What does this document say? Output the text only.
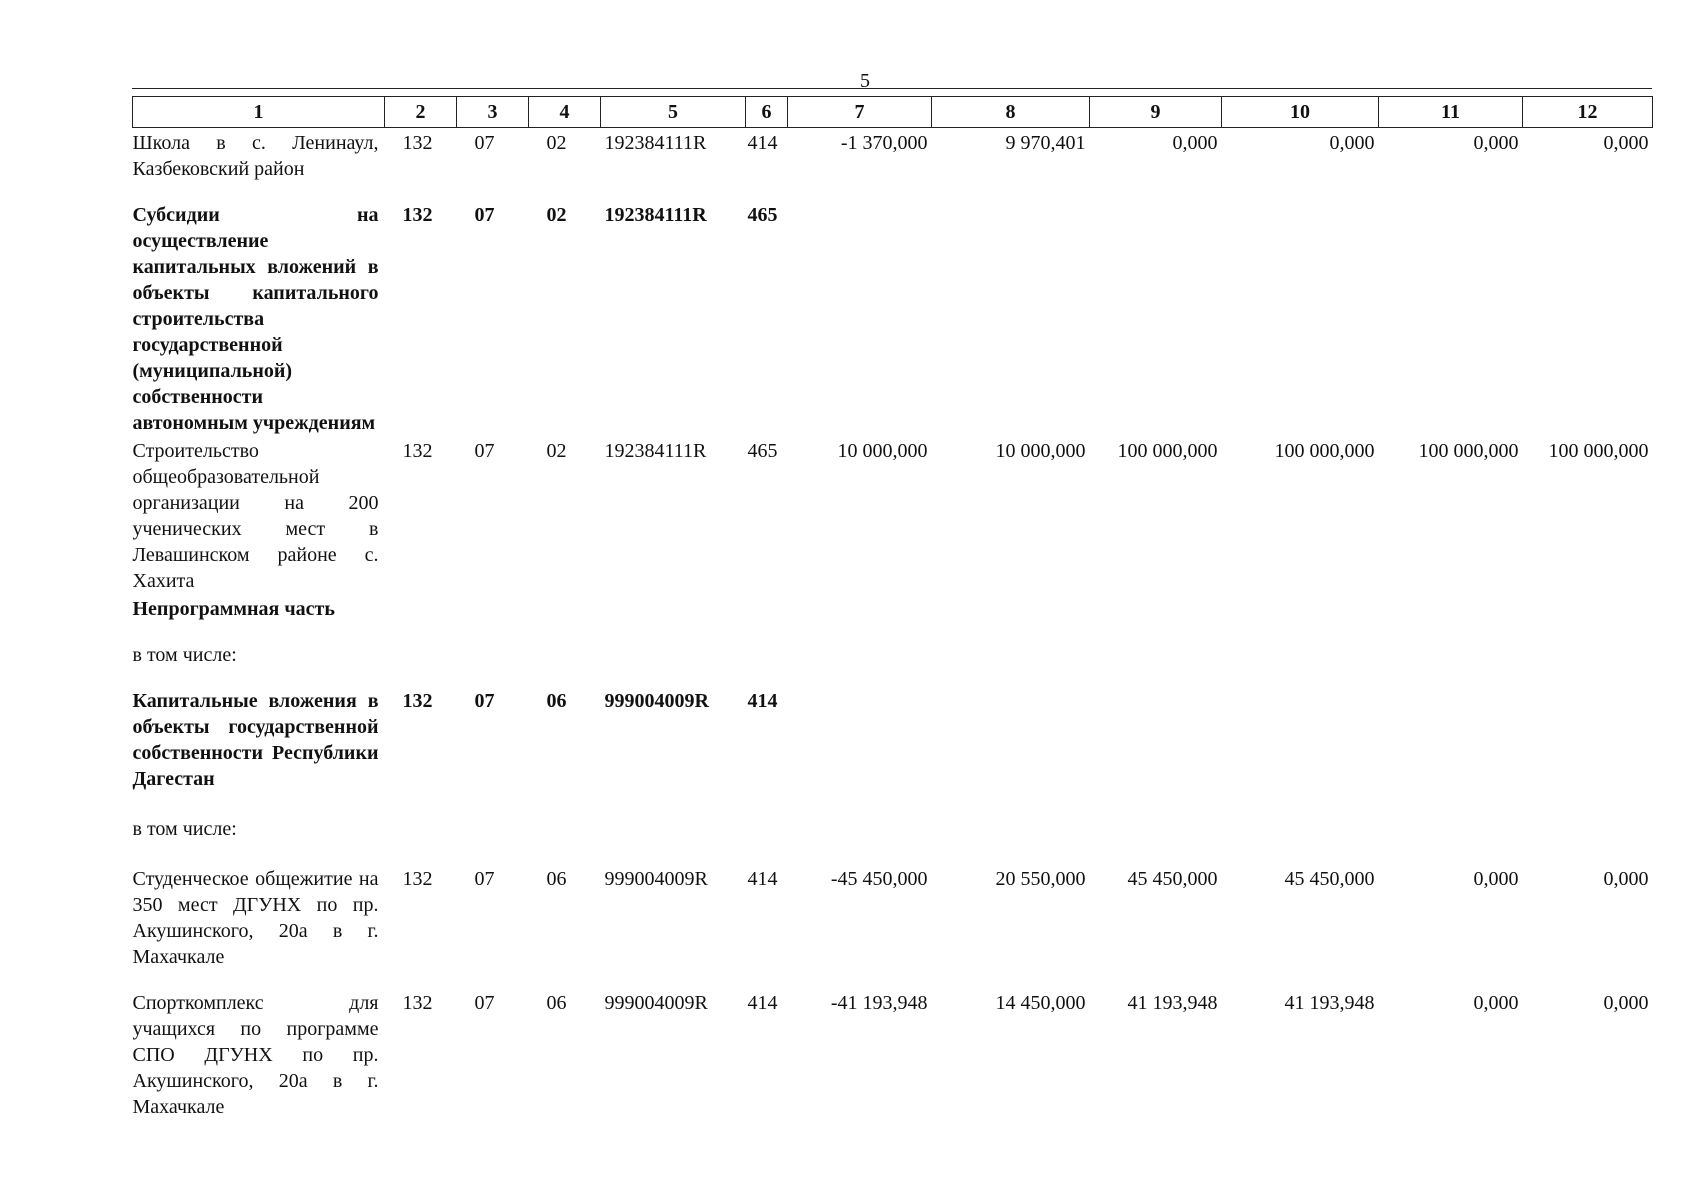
5
1	2	3	4	5	6	7	8	9	10	11	12
Школа в с. Ленинаул, Казбековский район	132	07	02	192384111R	414	-1 370,000	9 970,401	0,000	0,000	0,000	0,000
Субсидии на осуществление капитальных вложений в объекты капитального строительства государственной (муниципальной) собственности автономным учреждениям	132	07	02	192384111R	465						
Строительство общеобразовательной организации на 200 ученических мест в Левашинском районе с. Хахита	132	07	02	192384111R	465	10 000,000	10 000,000	100 000,000	100 000,000	100 000,000	100 000,000
Непрограммная часть											
в том числе:											
Капитальные вложения в объекты государственной собственности Республики Дагестан	132	07	06	999004009R	414						
в том числе:											
Студенческое общежитие на 350 мест ДГУНХ по пр. Акушинского, 20а в г. Махачкале	132	07	06	999004009R	414	-45 450,000	20 550,000	45 450,000	45 450,000	0,000	0,000
Спорткомплекс для учащихся по программе СПО ДГУНХ по пр. Акушинского, 20а в г. Махачкале	132	07	06	999004009R	414	-41 193,948	14 450,000	41 193,948	41 193,948	0,000	0,000
